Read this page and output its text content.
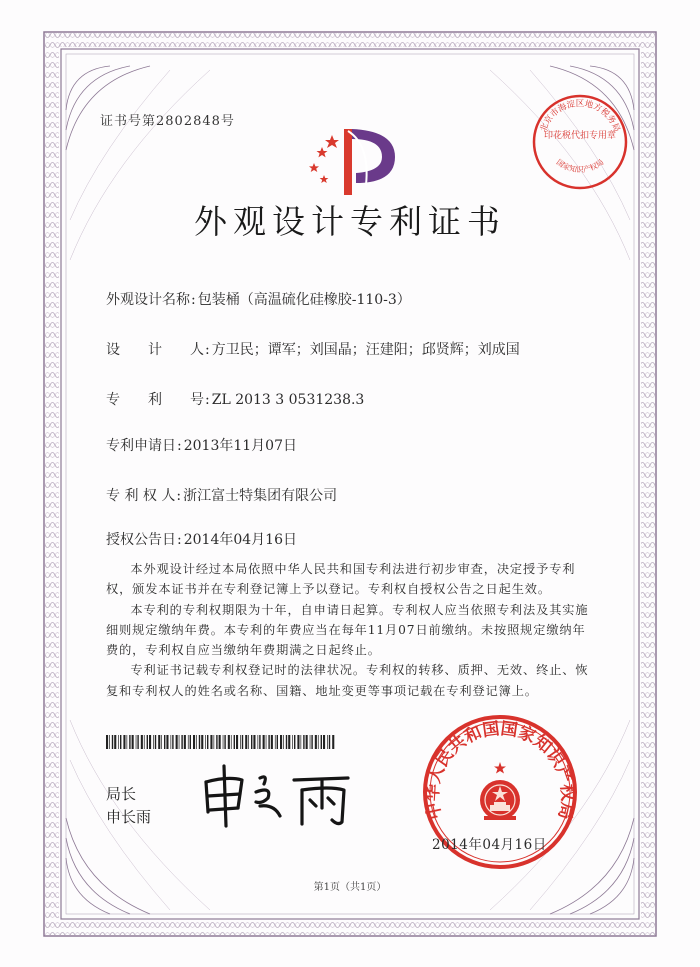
证书号第2802848号
外观设计专利证书
外观设计名称: 包装桶（高温硫化硅橡胶-110-3）
设　　计　　人: 方卫民；谭军；刘国晶；汪建阳；邱贤辉；刘成国
专　　利　　号: ZL 2013 3 0531238.3
专利申请日: 2013年11月07日
专 利 权 人: 浙江富士特集团有限公司
授权公告日: 2014年04月16日

本外观设计经过本局依照中华人民共和国专利法进行初步审查，决定授予专利权，颁发本证书并在专利登记簿上予以登记。专利权自授权公告之日起生效。

本专利的专利权期限为十年，自申请日起算。专利权人应当依照专利法及其实施细则规定缴纳年费。本专利的年费应当在每年11月07日前缴纳。未按照规定缴纳年费的，专利权自应当缴纳年费期满之日起终止。

专利证书记载专利权登记时的法律状况。专利权的转移、质押、无效、终止、恢复和专利权人的姓名或名称、国籍、地址变更等事项记载在专利登记簿上。

局长
申长雨
北京市海淀区地方税务局
印花税代扣专用章
国家知识产权局
中华人民共和国国家知识产权局
2014年04月16日
第1页（共1页）
